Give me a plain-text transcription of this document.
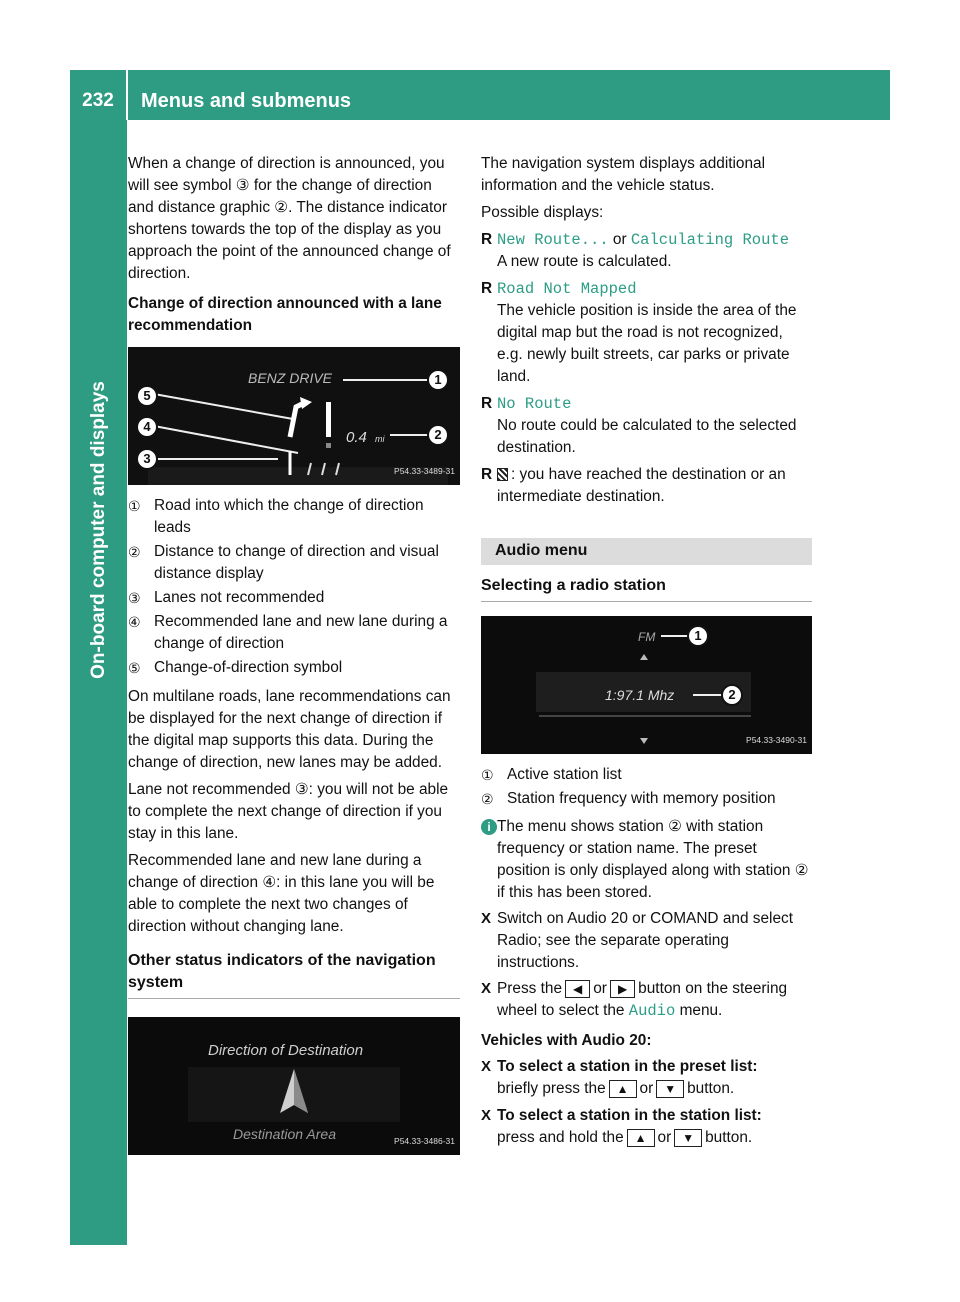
232	Menus and submenus
On-board computer and displays

When a change of direction is announced, you will see symbol ③ for the change of direction and distance graphic ②. The distance indicator shortens towards the top of the display as you approach the point of the announced change of direction.

Change of direction announced with a lane recommendation
BENZ DRIVE
0.4 mi
1
2
3
4
5
P54.33-3489-31
① Road into which the change of direction leads
② Distance to change of direction and visual distance display
③ Lanes not recommended
④ Recommended lane and new lane during a change of direction
⑤ Change-of-direction symbol

On multilane roads, lane recommendations can be displayed for the next change of direction if the digital map supports this data. During the change of direction, new lanes may be added.

Lane not recommended ③: you will not be able to complete the next change of direction if you stay in this lane.

Recommended lane and new lane during a change of direction ④: in this lane you will be able to complete the next two changes of direction without changing lane.

Other status indicators of the navigation system
Direction of Destination
Destination Area	P54.33-3486-31

The navigation system displays additional information and the vehicle status.

Possible displays:

R New Route... or Calculating Route
A new route is calculated.
R Road Not Mapped
The vehicle position is inside the area of the digital map but the road is not recognized, e.g. newly built streets, car parks or private land.
R No Route
No route could be calculated to the selected destination.
R	: you have reached the destination or an intermediate destination.
Audio menu
Selecting a radio station
FM
1:97.1 Mhz
1
2
P54.33-3490-31
① Active station list
② Station frequency with memory position
i The menu shows station ② with station frequency or station name. The preset position is only displayed along with station ② if this has been stored.
X Switch on Audio 20 or COMAND and select Radio; see the separate operating instructions.
X Press the ◀ or ▶ button on the steering wheel to select the Audio menu.
Vehicles with Audio 20:
X To select a station in the preset list:
briefly press the ▲ or ▼ button.
X To select a station in the station list:
press and hold the ▲ or ▼ button.
